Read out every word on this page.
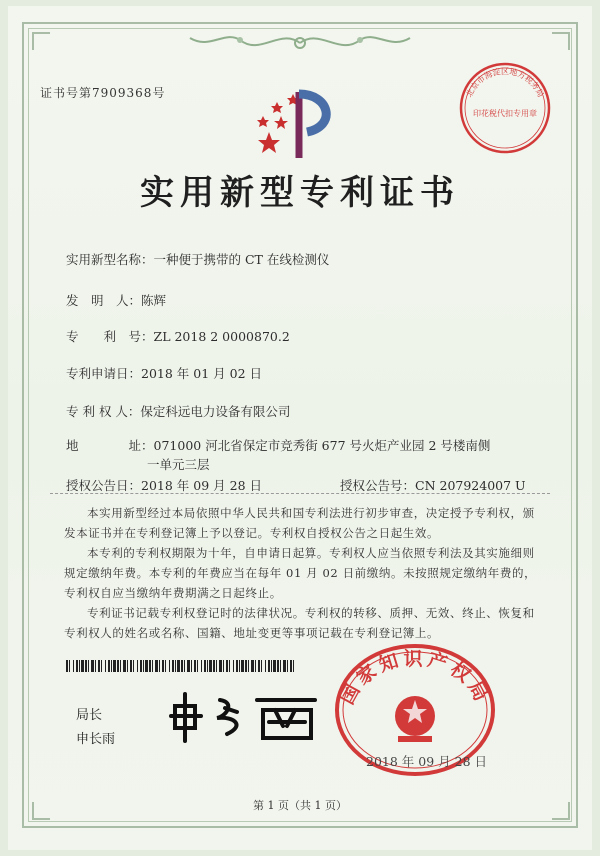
证书号第7909368号	北京市海淀区地方税务局
印花税代扣专用章
实用新型专利证书
实用新型名称：一种便于携带的 CT 在线检测仪
发　明　人：陈辉
专　　利　号：ZL 2018 2 0000870.2
专利申请日：2018 年 01 月 02 日
专 利 权 人：保定科远电力设备有限公司
地　　　　址：071000 河北省保定市竞秀街 677 号火炬产业园 2 号楼南侧
一单元三层
授权公告日：2018 年 09 月 28 日	授权公告号：CN 207924007 U
本实用新型经过本局依照中华人民共和国专利法进行初步审查，决定授予专利权，颁发本证书并在专利登记簿上予以登记。专利权自授权公告之日起生效。
本专利的专利权期限为十年，自申请日起算。专利权人应当依照专利法及其实施细则规定缴纳年费。本专利的年费应当在每年 01 月 02 日前缴纳。未按照规定缴纳年费的，专利权自应当缴纳年费期满之日起终止。
专利证书记载专利权登记时的法律状况。专利权的转移、质押、无效、终止、恢复和专利权人的姓名或名称、国籍、地址变更等事项记载在专利登记簿上。
局长
申长雨
国家知识产权局
2018 年 09 月 28 日
第 1 页（共 1 页）
